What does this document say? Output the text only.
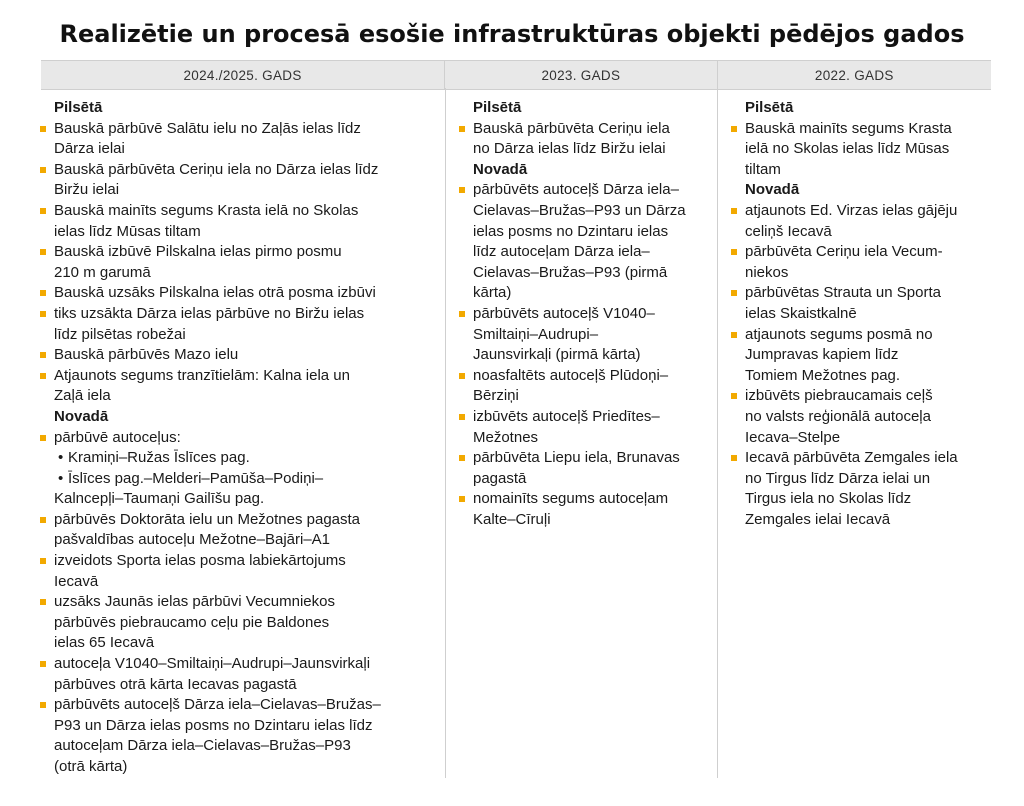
Realizētie un procesā esošie infrastruktūras objekti pēdējos gados
2024./2025. GADS	2023. GADS	2022. GADS
Pilsētā
Bauskā pārbūvē Salātu ielu no Zaļās ielas līdz
Dārza ielai
Bauskā pārbūvēta Ceriņu iela no Dārza ielas līdz
Biržu ielai
Bauskā mainīts segums Krasta ielā no Skolas
ielas līdz Mūsas tiltam
Bauskā izbūvē Pilskalna ielas pirmo posmu
210 m garumā
Bauskā uzsāks Pilskalna ielas otrā posma izbūvi
tiks uzsākta Dārza ielas pārbūve no Biržu ielas
līdz pilsētas robežai
Bauskā pārbūvēs Mazo ielu
Atjaunots segums tranzītielām: Kalna iela un
Zaļā iela
Novadā
pārbūvē autoceļus:
• Kramiņi–Ružas Īslīces pag.
• Īslīces pag.–Melderi–Pamūša–Podiņi–
Kalncepļi–Taumaņi Gailīšu pag.
pārbūvēs Doktorāta ielu un Mežotnes pagasta
pašvaldības autoceļu Mežotne–Bajāri–A1
izveidots Sporta ielas posma labiekārtojums
Iecavā
uzsāks Jaunās ielas pārbūvi Vecumniekos
pārbūvēs piebraucamo ceļu pie Baldones
ielas 65 Iecavā
autoceļa V1040–Smiltaiņi–Audrupi–Jaunsvirkaļi
pārbūves otrā kārta Iecavas pagastā
pārbūvēts autoceļš Dārza iela–Cielavas–Bružas–
P93 un Dārza ielas posms no Dzintaru ielas līdz
autoceļam Dārza iela–Cielavas–Bružas–P93
(otrā kārta)
Pilsētā
Bauskā pārbūvēta Ceriņu iela
no Dārza ielas līdz Biržu ielai
Novadā
pārbūvēts autoceļš Dārza iela–
Cielavas–Bružas–P93 un Dārza
ielas posms no Dzintaru ielas
līdz autoceļam Dārza iela–
Cielavas–Bružas–P93 (pirmā
kārta)
pārbūvēts autoceļš V1040–
Smiltaiņi–Audrupi–
Jaunsvirkaļi (pirmā kārta)
noasfaltēts autoceļš Plūdoņi–
Bērziņi
izbūvēts autoceļš Priedītes–
Mežotnes
pārbūvēta Liepu iela, Brunavas
pagastā
nomainīts segums autoceļam
Kalte–Cīruļi
Pilsētā
Bauskā mainīts segums Krasta
ielā no Skolas ielas līdz Mūsas
tiltam
Novadā
atjaunots Ed. Virzas ielas gājēju
celiņš Iecavā
pārbūvēta Ceriņu iela Vecum-
niekos
pārbūvētas Strauta un Sporta
ielas Skaistkalnē
atjaunots segums posmā no
Jumpravas kapiem līdz
Tomiem Mežotnes pag.
izbūvēts piebraucamais ceļš
no valsts reģionālā autoceļa
Iecava–Stelpe
Iecavā pārbūvēta Zemgales iela
no Tirgus līdz Dārza ielai un
Tirgus iela no Skolas līdz
Zemgales ielai Iecavā
